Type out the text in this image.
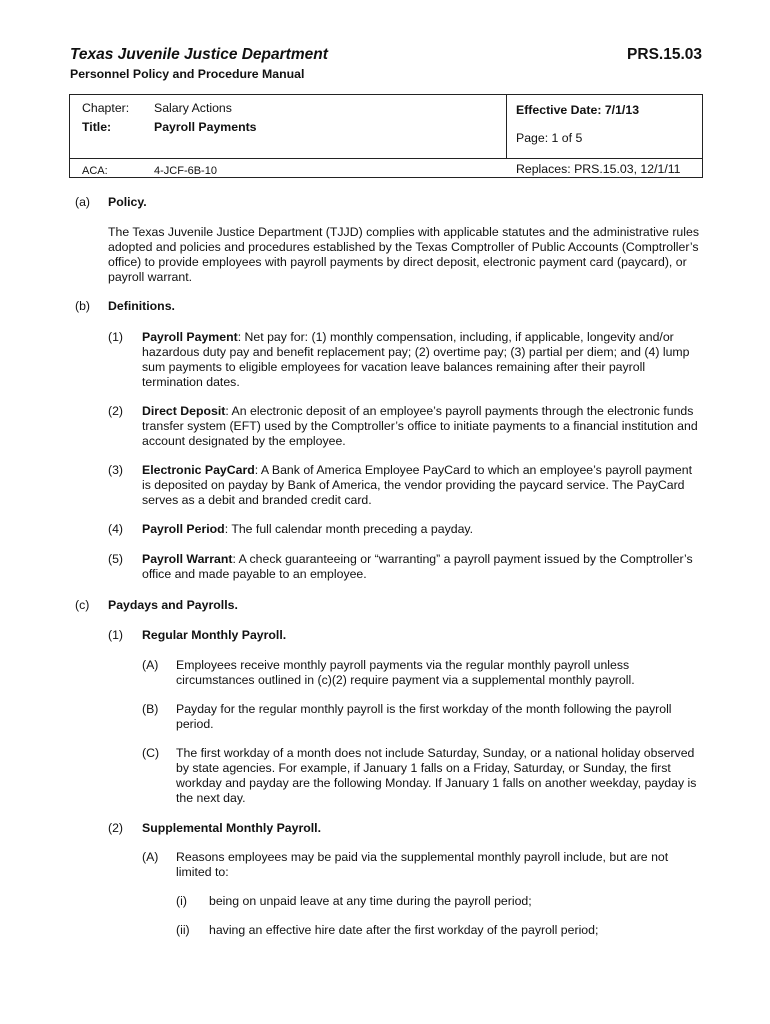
Texas Juvenile Justice Department	PRS.15.03
Personnel Policy and Procedure Manual
Chapter: Salary Actions
Title:	Payroll Payments
Effective Date: 7/1/13
Page: 1 of 5
ACA:	4-JCF-6B-10	Replaces: PRS.15.03, 12/1/11
(a) Policy.
The Texas Juvenile Justice Department (TJJD) complies with applicable statutes and the administrative rules adopted and policies and procedures established by the Texas Comptroller of Public Accounts (Comptroller’s office) to provide employees with payroll payments by direct deposit, electronic payment card (paycard), or payroll warrant.
(b) Definitions.
(1) Payroll Payment: Net pay for: (1) monthly compensation, including, if applicable, longevity and/or hazardous duty pay and benefit replacement pay; (2) overtime pay; (3) partial per diem; and (4) lump sum payments to eligible employees for vacation leave balances remaining after their payroll termination dates.
(2) Direct Deposit: An electronic deposit of an employee’s payroll payments through the electronic funds transfer system (EFT) used by the Comptroller’s office to initiate payments to a financial institution and account designated by the employee.
(3) Electronic PayCard: A Bank of America Employee PayCard to which an employee’s payroll payment is deposited on payday by Bank of America, the vendor providing the paycard service. The PayCard serves as a debit and branded credit card.
(4) Payroll Period: The full calendar month preceding a payday.
(5) Payroll Warrant: A check guaranteeing or “warranting” a payroll payment issued by the Comptroller’s office and made payable to an employee.
(c) Paydays and Payrolls.
(1) Regular Monthly Payroll.
(A) Employees receive monthly payroll payments via the regular monthly payroll unless circumstances outlined in (c)(2) require payment via a supplemental monthly payroll.
(B) Payday for the regular monthly payroll is the first workday of the month following the payroll period.
(C) The first workday of a month does not include Saturday, Sunday, or a national holiday observed by state agencies. For example, if January 1 falls on a Friday, Saturday, or Sunday, the first workday and payday are the following Monday. If January 1 falls on another weekday, payday is the next day.
(2) Supplemental Monthly Payroll.
(A) Reasons employees may be paid via the supplemental monthly payroll include, but are not limited to:
(i) being on unpaid leave at any time during the payroll period;
(ii) having an effective hire date after the first workday of the payroll period;
